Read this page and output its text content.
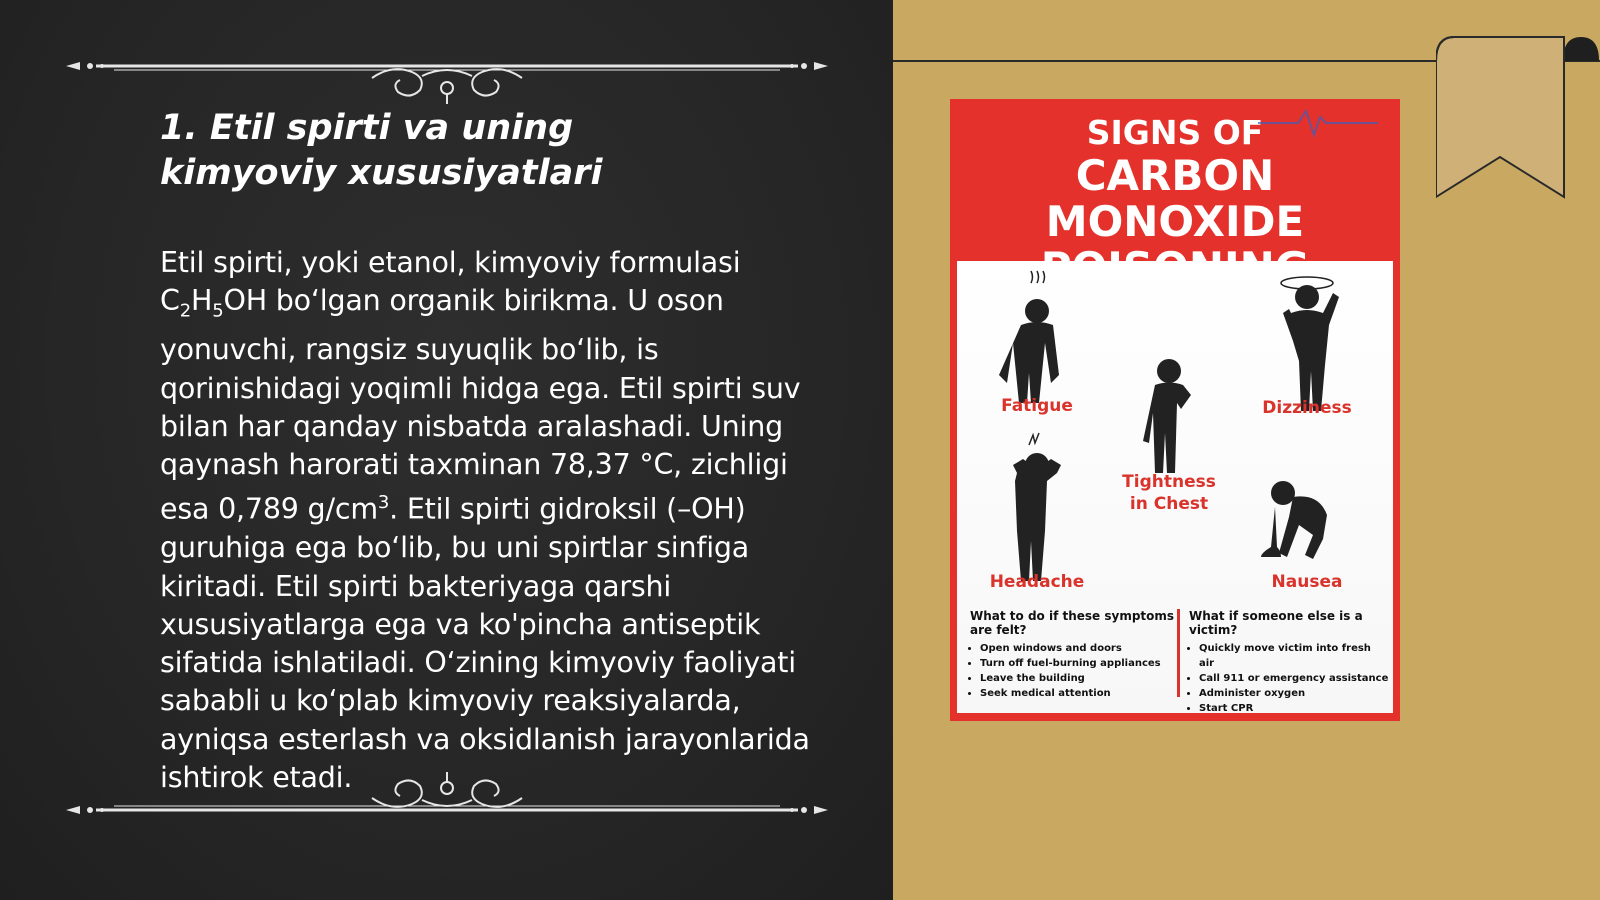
1. Etil spirti va uning kimyoviy xususiyatlari

Etil spirti, yoki etanol, kimyoviy formulasi $C_2H_5OH$ bo‘lgan organik birikma. U oson yonuvchi, rangsiz suyuqlik bo‘lib, is qorinishidagi yoqimli hidga ega. Etil spirti suv bilan har qanday nisbatda aralashadi. Uning qaynash harorati taxminan 78,37 °C, zichligi esa 0,789 $g/cm^3$. Etil spirti gidroksil (–OH) guruhiga ega bo‘lib, bu uni spirtlar sinfiga kiritadi. Etil spirti bakteriyaga qarshi xususiyatlarga ega va ko'pincha antiseptik sifatida ishlatiladi. O‘zining kimyoviy faoliyati sababli u ko‘plab kimyoviy reaksiyalarda, ayniqsa esterlash va oksidlanish jarayonlarida ishtirok etadi.

SIGNS OF
CARBON MONOXIDE
Fatigue	Dizziness
Tightness
in Chest
Headache	Nausea
What to do if these symptoms are felt?
• Open windows and doors
• Turn off fuel-burning appliances
• Leave the building
• Seek medical attention
What if someone else is a victim?
• Quickly move victim into fresh air
• Call 911 or emergency assistance
• Administer oxygen
• Start CPR
